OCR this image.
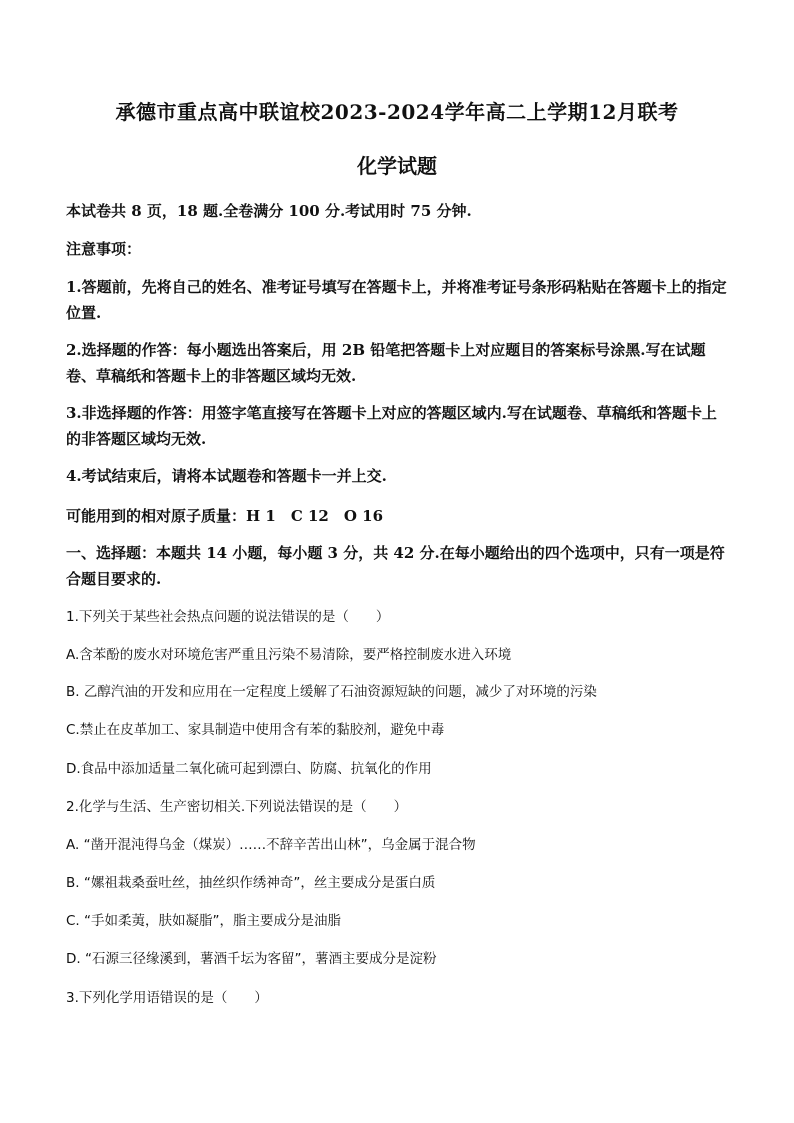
承德市重点高中联谊校2023-2024学年高二上学期12月联考
化学试题
本试卷共 8 页，18 题.全卷满分 100 分.考试用时 75 分钟.
注意事项：
1.答题前，先将自己的姓名、准考证号填写在答题卡上，并将准考证号条形码粘贴在答题卡上的指定位置.
2.选择题的作答：每小题选出答案后，用 2B 铅笔把答题卡上对应题目的答案标号涂黑.写在试题卷、草稿纸和答题卡上的非答题区域均无效.
3.非选择题的作答：用签字笔直接写在答题卡上对应的答题区域内.写在试题卷、草稿纸和答题卡上的非答题区域均无效.
4.考试结束后，请将本试题卷和答题卡一并上交.
可能用到的相对原子质量：H 1　C 12　O 16
一、选择题：本题共 14 小题，每小题 3 分，共 42 分.在每小题给出的四个选项中，只有一项是符合题目要求的.
1.下列关于某些社会热点问题的说法错误的是（　　）
A.含苯酚的废水对环境危害严重且污染不易清除，要严格控制废水进入环境
B. 乙醇汽油的开发和应用在一定程度上缓解了石油资源短缺的问题，减少了对环境的污染
C.禁止在皮革加工、家具制造中使用含有苯的黏胶剂，避免中毒
D.食品中添加适量二氧化硫可起到漂白、防腐、抗氧化的作用
2.化学与生活、生产密切相关.下列说法错误的是（　　）
A. “凿开混沌得乌金（煤炭）……不辞辛苦出山林”，乌金属于混合物
B. “嫘祖栽桑蚕吐丝，抽丝织作绣神奇”，丝主要成分是蛋白质
C. “手如柔荑，肤如凝脂”，脂主要成分是油脂
D. “石源三径缘溪到，薯酒千坛为客留”，薯酒主要成分是淀粉
3.下列化学用语错误的是（　　）
